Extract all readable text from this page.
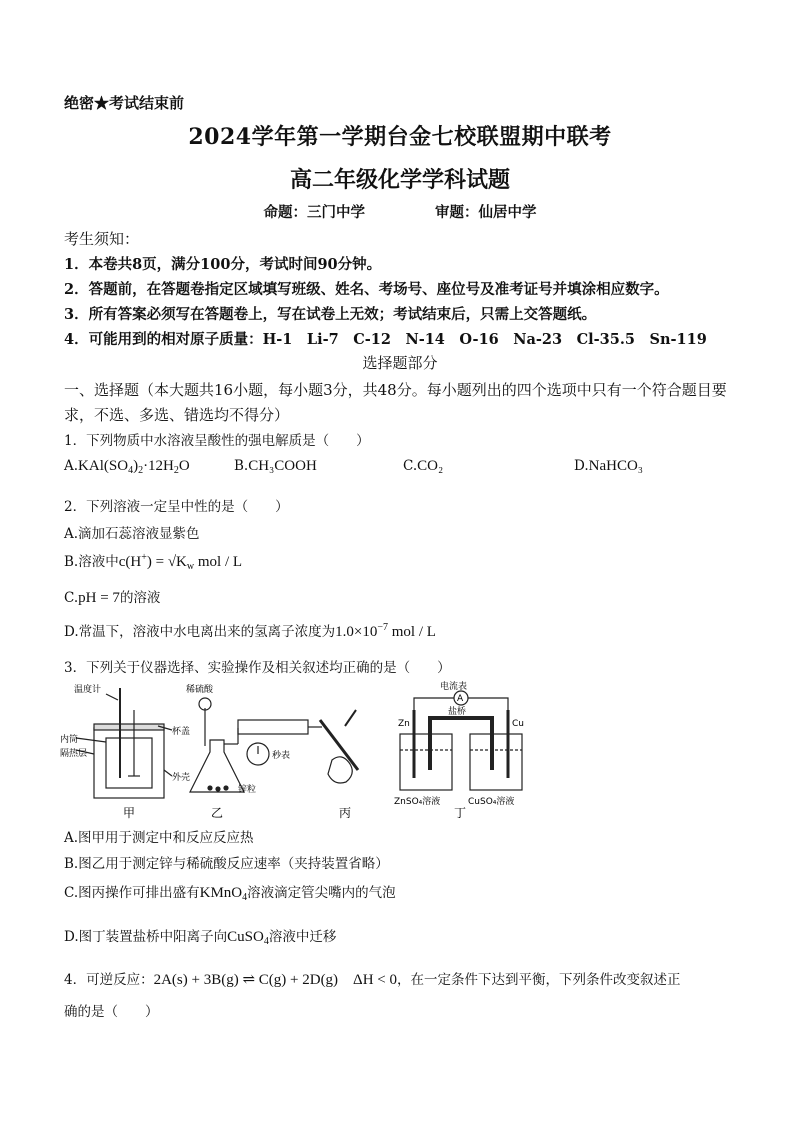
绝密★考试结束前
2024学年第一学期台金七校联盟期中联考
高二年级化学学科试题
命题：三门中学	审题：仙居中学
考生须知：
1．本卷共8页，满分100分，考试时间90分钟。
2．答题前，在答题卷指定区域填写班级、姓名、考场号、座位号及准考证号并填涂相应数字。
3．所有答案必须写在答题卷上，写在试卷上无效；考试结束后，只需上交答题纸。
4．可能用到的相对原子质量：H-1　Li-7　C-12　N-14　O-16　Na-23　Cl-35.5　Sn-119
选择题部分
一、选择题（本大题共16小题，每小题3分，共48分。每小题列出的四个选项中只有一个符合题目要求，不选、多选、错选均不得分）
1．下列物质中水溶液呈酸性的强电解质是（　　）
$A.KAl(SO_4)_2\cdot 12H_2O$	B.CH₃COOH	C.CO₂	D.NaHCO₃
2．下列溶液一定呈中性的是（　　）
A.滴加石蕊溶液显紫色
B.溶液中$c(H^+) = √K_w$ mol / L
C.pH = 7的溶液
D.常温下，溶液中水电离出来的氢离子浓度为$1.0\times 10^{-7}$ mol / L
3．下列关于仪器选择、实验操作及相关叙述均正确的是（　　）
温度计
内筒
隔热层
杯盖
外壳
稀硫酸
秒表
锌粒
电流表
A
盐桥
Zn	Cu
ZnSO₄溶液	CuSO₄溶液
甲	乙	丙	丁
A.图甲用于测定中和反应反应热
B.图乙用于测定锌与稀硫酸反应速率（夹持装置省略）
C.图丙操作可排出盛有KMnO$_4$溶液滴定管尖嘴内的气泡
D.图丁装置盐桥中阳离子向CuSO$_4$溶液中迁移
4．可逆反应：2A(s) + 3B(g) ⇌ C(g) + 2D(g)　ΔH < 0，在一定条件下达到平衡，下列条件改变叙述正
确的是（　　）
